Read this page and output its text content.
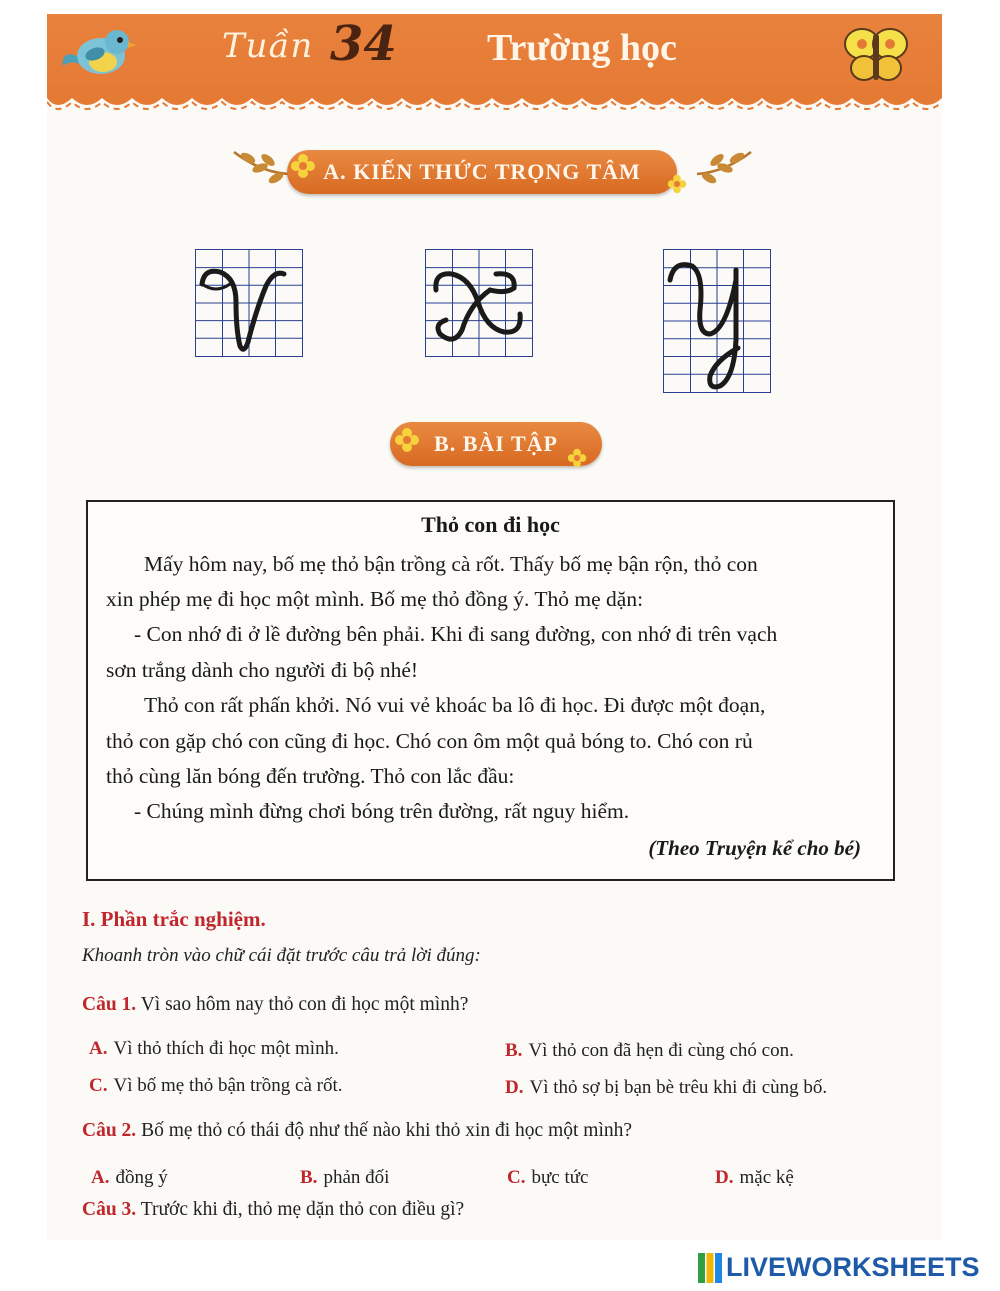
Tuần 34 Trường học
A. KIẾN THỨC TRỌNG TÂM
B. BÀI TẬP
Thỏ con đi học
Mấy hôm nay, bố mẹ thỏ bận trồng cà rốt. Thấy bố mẹ bận rộn, thỏ con
xin phép mẹ đi học một mình. Bố mẹ thỏ đồng ý. Thỏ mẹ dặn:
- Con nhớ đi ở lề đường bên phải. Khi đi sang đường, con nhớ đi trên vạch
sơn trắng dành cho người đi bộ nhé!
Thỏ con rất phấn khởi. Nó vui vẻ khoác ba lô đi học. Đi được một đoạn,
thỏ con gặp chó con cũng đi học. Chó con ôm một quả bóng to. Chó con rủ
thỏ cùng lăn bóng đến trường. Thỏ con lắc đầu:
- Chúng mình đừng chơi bóng trên đường, rất nguy hiểm.
(Theo Truyện kể cho bé)
I. Phần trắc nghiệm.
Khoanh tròn vào chữ cái đặt trước câu trả lời đúng:
Câu 1. Vì sao hôm nay thỏ con đi học một mình?
A. Vì thỏ thích đi học một mình.	B. Vì thỏ con đã hẹn đi cùng chó con.
C. Vì bố mẹ thỏ bận trồng cà rốt.	D. Vì thỏ sợ bị bạn bè trêu khi đi cùng bố.
Câu 2. Bố mẹ thỏ có thái độ như thế nào khi thỏ xin đi học một mình?
A. đồng ý	B. phản đối	C. bực tức	D. mặc kệ
Câu 3. Trước khi đi, thỏ mẹ dặn thỏ con điều gì?
LIVEWORKSHEETS
